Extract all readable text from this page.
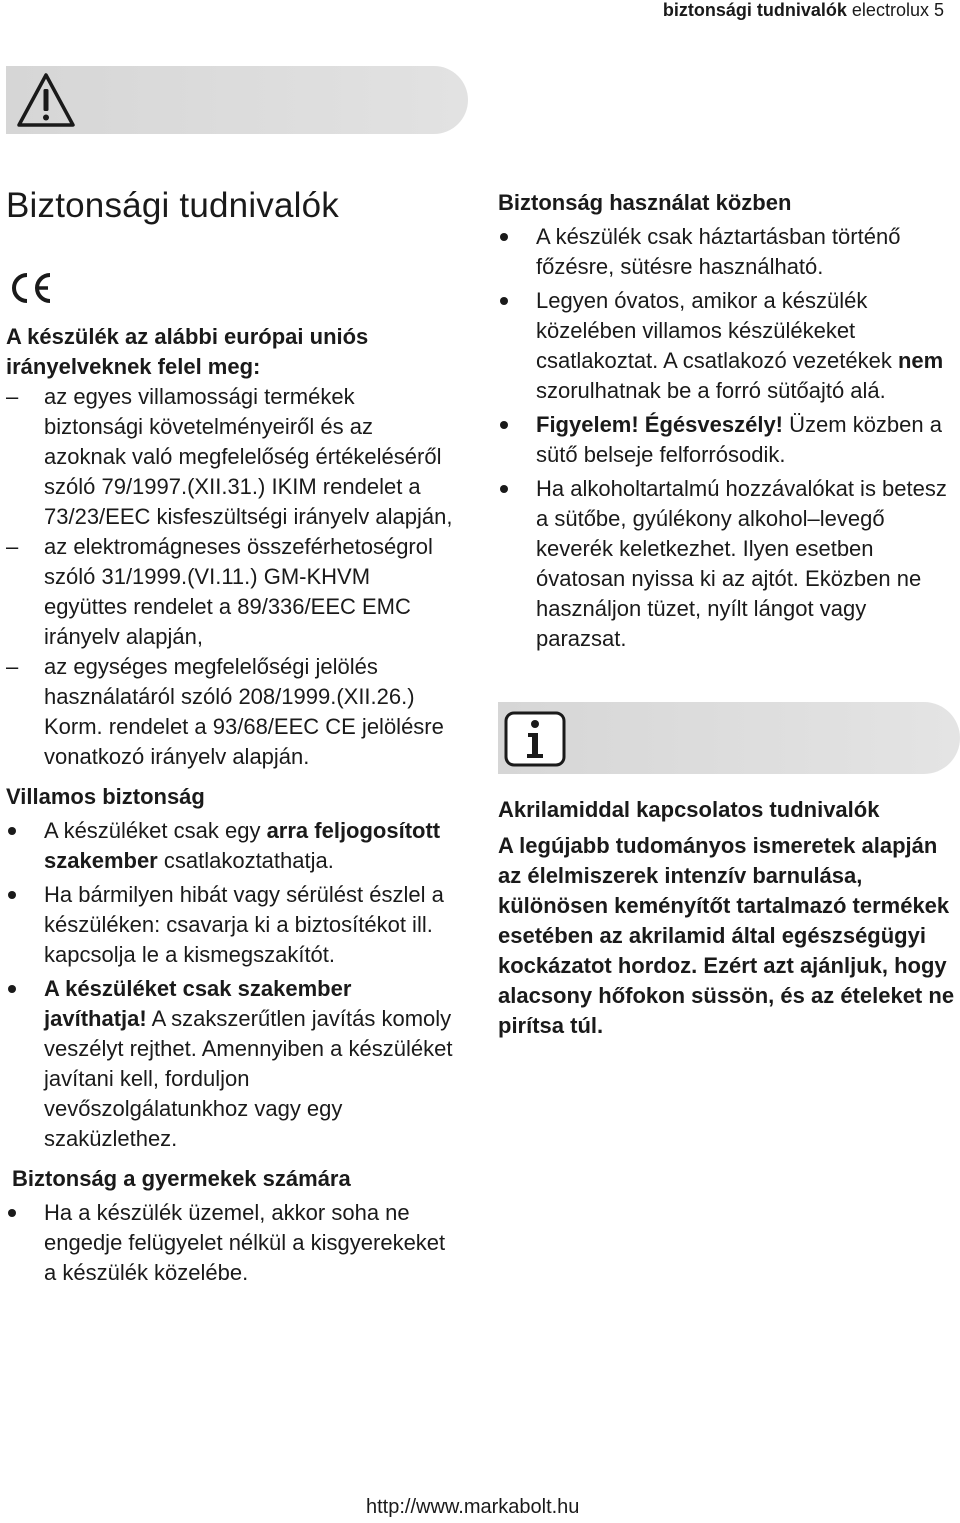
biztonsági tudnivalók electrolux 5
Biztonsági tudnivalók

A készülék az alábbi európai uniós irányelveknek felel meg:

– az egyes villamossági termékek biztonsági követelményeiről és az azoknak való megfelelőség értékeléséről szóló 79/1997.(XII.31.) IKIM rendelet a 73/23/EEC kisfeszültségi irányelv alapján,
– az elektromágneses összeférhetoségrol szóló 31/1999.(VI.11.) GM-KHVM együttes rendelet a 89/336/EEC EMC irányelv alapján,
– az egységes megfelelőségi jelölés használatáról szóló 208/1999.(XII.26.) Korm. rendelet a 93/68/EEC CE jelölésre vonatkozó irányelv alapján.

Villamos biztonság

A készüléket csak egy arra feljogosított szakember csatlakoztathatja.
Ha bármilyen hibát vagy sérülést észlel a készüléken: csavarja ki a biztosítékot ill. kapcsolja le a kismegszakítót.
A készüléket csak szakember javíthatja! A szakszerűtlen javítás komoly veszélyt rejthet. Amennyiben a készüléket javítani kell, forduljon vevőszolgálatunkhoz vagy egy szaküzlethez.

Biztonság a gyermekek számára

Ha a készülék üzemel, akkor soha ne engedje felügyelet nélkül a kisgyerekeket a készülék közelébe.

Biztonság használat közben

A készülék csak háztartásban történő főzésre, sütésre használható.
Legyen óvatos, amikor a készülék közelében villamos készülékeket csatlakoztat. A csatlakozó vezetékek nem szorulhatnak be a forró sütőajtó alá.
Figyelem! Égésveszély! Üzem közben a sütő belseje felforrósodik.
Ha alkoholtartalmú hozzávalókat is betesz a sütőbe, gyúlékony alkohol–levegő keverék keletkezhet. Ilyen esetben óvatosan nyissa ki az ajtót. Eközben ne használjon tüzet, nyílt lángot vagy parazsat.

Akrilamiddal kapcsolatos tudnivalók

A legújabb tudományos ismeretek alapján az élelmiszerek intenzív barnulása, különösen keményítőt tartalmazó termékek esetében az akrilamid által egészségügyi kockázatot hordoz. Ezért azt ajánljuk, hogy alacsony hőfokon süssön, és az ételeket ne pirítsa túl.

http://www.markabolt.hu
